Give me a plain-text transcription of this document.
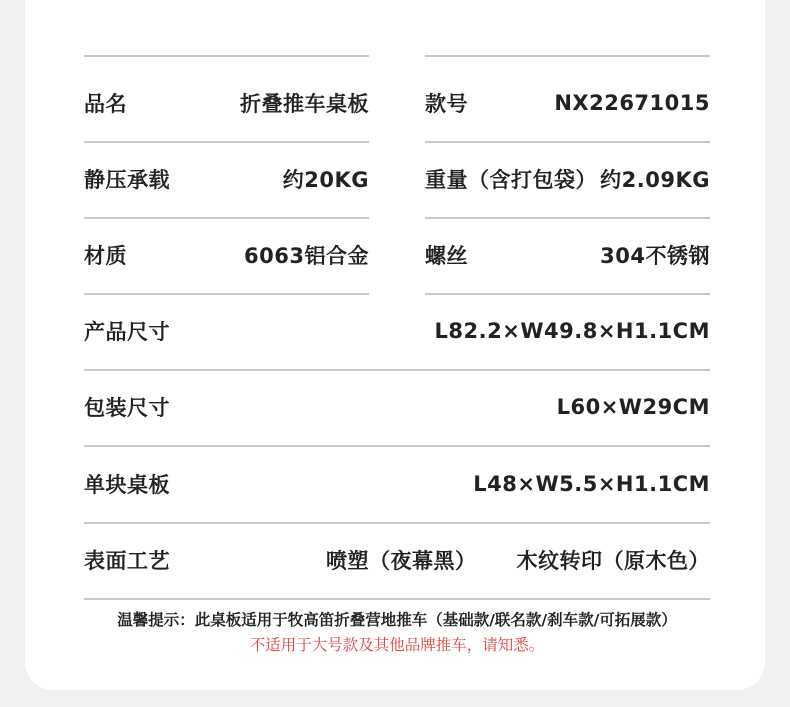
品名	折叠推车桌板	款号	NX22671015
静压承载	约20KG	重量（含打包袋） 约2.09KG
材质	6063铝合金	螺丝	304不锈钢
产品尺寸	L82.2×W49.8×H1.1CM
包装尺寸	L60×W29CM
单块桌板	L48×W5.5×H1.1CM
表面工艺	喷塑（夜幕黑） 木纹转印（原木色）
温馨提示：此桌板适用于牧高笛折叠营地推车（基础款/联名款/刹车款/可拓展款）
不适用于大号款及其他品牌推车，请知悉。
